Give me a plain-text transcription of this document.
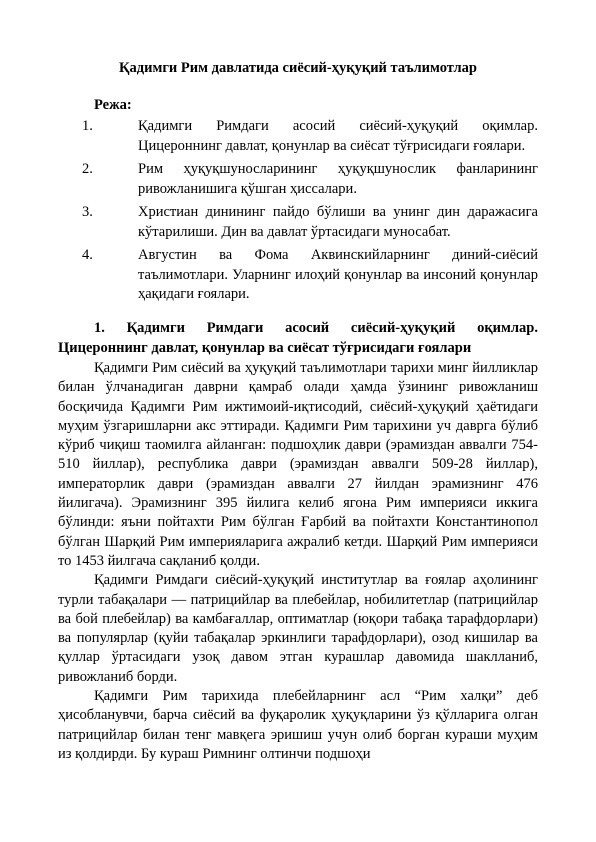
Қадимги Рим давлатида сиёсий-ҳуқуқий таълимотлар
Режа:
1.	Қадимги Римдаги асосий сиёсий-ҳуқуқий оқимлар. Цицероннинг давлат, қонунлар ва сиёсат тўғрисидаги ғоялари.
2.	Рим ҳуқуқшуносларининг ҳуқуқшунослик фанларининг ривожланишига қўшган ҳиссалари.
3.	Христиан динининг пайдо бўлиши ва унинг дин даражасига кўтарилиши. Дин ва давлат ўртасидаги муносабат.
4.	Августин ва Фома Аквинскийларнинг диний-сиёсий таълимотлари. Уларнинг илоҳий қонунлар ва инсоний қонунлар ҳақидаги ғоялари.
1. Қадимги Римдаги асосий сиёсий-ҳуқуқий оқимлар. Цицероннинг давлат, қонунлар ва сиёсат тўғрисидаги ғоялари

Қадимги Рим сиёсий ва ҳуқуқий таълимотлари тарихи минг йилликлар билан ўлчанадиган даврни қамраб олади ҳамда ўзининг ривожланиш босқичида Қадимги Рим ижтимоий-иқтисодий, сиёсий-ҳуқуқий ҳаётидаги муҳим ўзгаришларни акс эттиради. Қадимги Рим тарихини уч даврга бўлиб кўриб чиқиш таомилга айланган: подшоҳлик даври (эрамиздан аввалги 754-510 йиллар), республика даври (эрамиздан аввалги 509-28 йиллар), императорлик даври (эрамиздан аввалги 27 йилдан эрамизнинг 476 йилигача). Эрамизнинг 395 йилига келиб ягона Рим империяси иккига бўлинди: яъни пойтахти Рим бўлган Ғарбий ва пойтахти Константинопол бўлган Шарқий Рим империяларига ажралиб кетди. Шарқий Рим империяси то 1453 йилгача сақланиб қолди.

Қадимги Римдаги сиёсий-ҳуқуқий институтлар ва ғоялар аҳолининг турли табақалари — патрицийлар ва плебейлар, нобилитетлар (патрицийлар ва бой плебейлар) ва камбағаллар, оптиматлар (юқори табақа тарафдорлари) ва популярлар (қуйи табақалар эркинлиги тарафдорлари), озод кишилар ва қуллар ўртасидаги узоқ давом этган курашлар давомида шаклланиб, ривожланиб борди.

Қадимги Рим тарихида плебейларнинг асл “Рим халқи” деб ҳисобланувчи, барча сиёсий ва фуқаролик ҳуқуқларини ўз қўлларига олган патрицийлар билан тенг мавқега эришиш учун олиб борган кураши муҳим из қолдирди. Бу кураш Римнинг олтинчи подшоҳи
